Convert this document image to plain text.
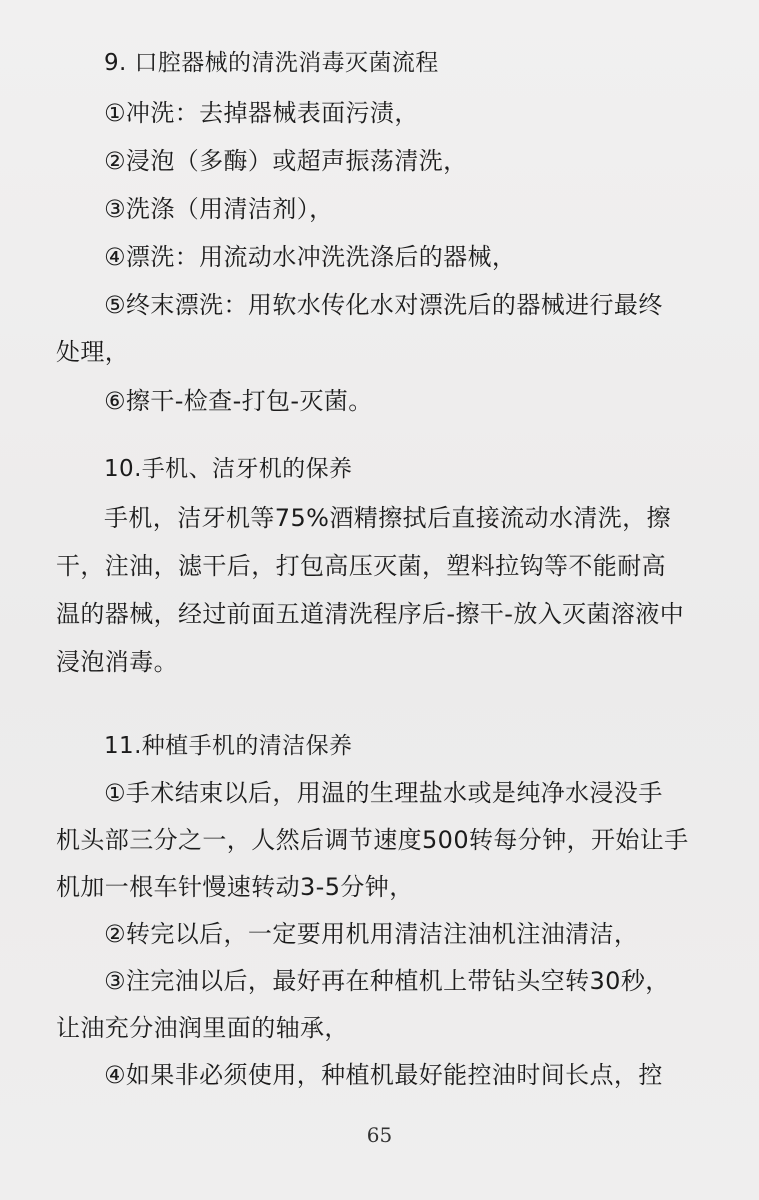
9. 口腔器械的清洗消毒灭菌流程
①冲洗：去掉器械表面污渍，
②浸泡（多酶）或超声振荡清洗，
③洗涤（用清洁剂），
④漂洗：用流动水冲洗洗涤后的器械，
⑤终末漂洗：用软水传化水对漂洗后的器械进行最终
处理，
⑥擦干-检查-打包-灭菌。
10.手机、洁牙机的保养
手机，洁牙机等75%酒精擦拭后直接流动水清洗，擦
干，注油，滤干后，打包高压灭菌，塑料拉钩等不能耐高
温的器械，经过前面五道清洗程序后-擦干-放入灭菌溶液中
浸泡消毒。
11.种植手机的清洁保养
①手术结束以后，用温的生理盐水或是纯净水浸没手
机头部三分之一，人然后调节速度500转每分钟，开始让手
机加一根车针慢速转动3-5分钟，
②转完以后，一定要用机用清洁注油机注油清洁，
③注完油以后，最好再在种植机上带钻头空转30秒，
让油充分油润里面的轴承，
④如果非必须使用，种植机最好能控油时间长点，控
65
